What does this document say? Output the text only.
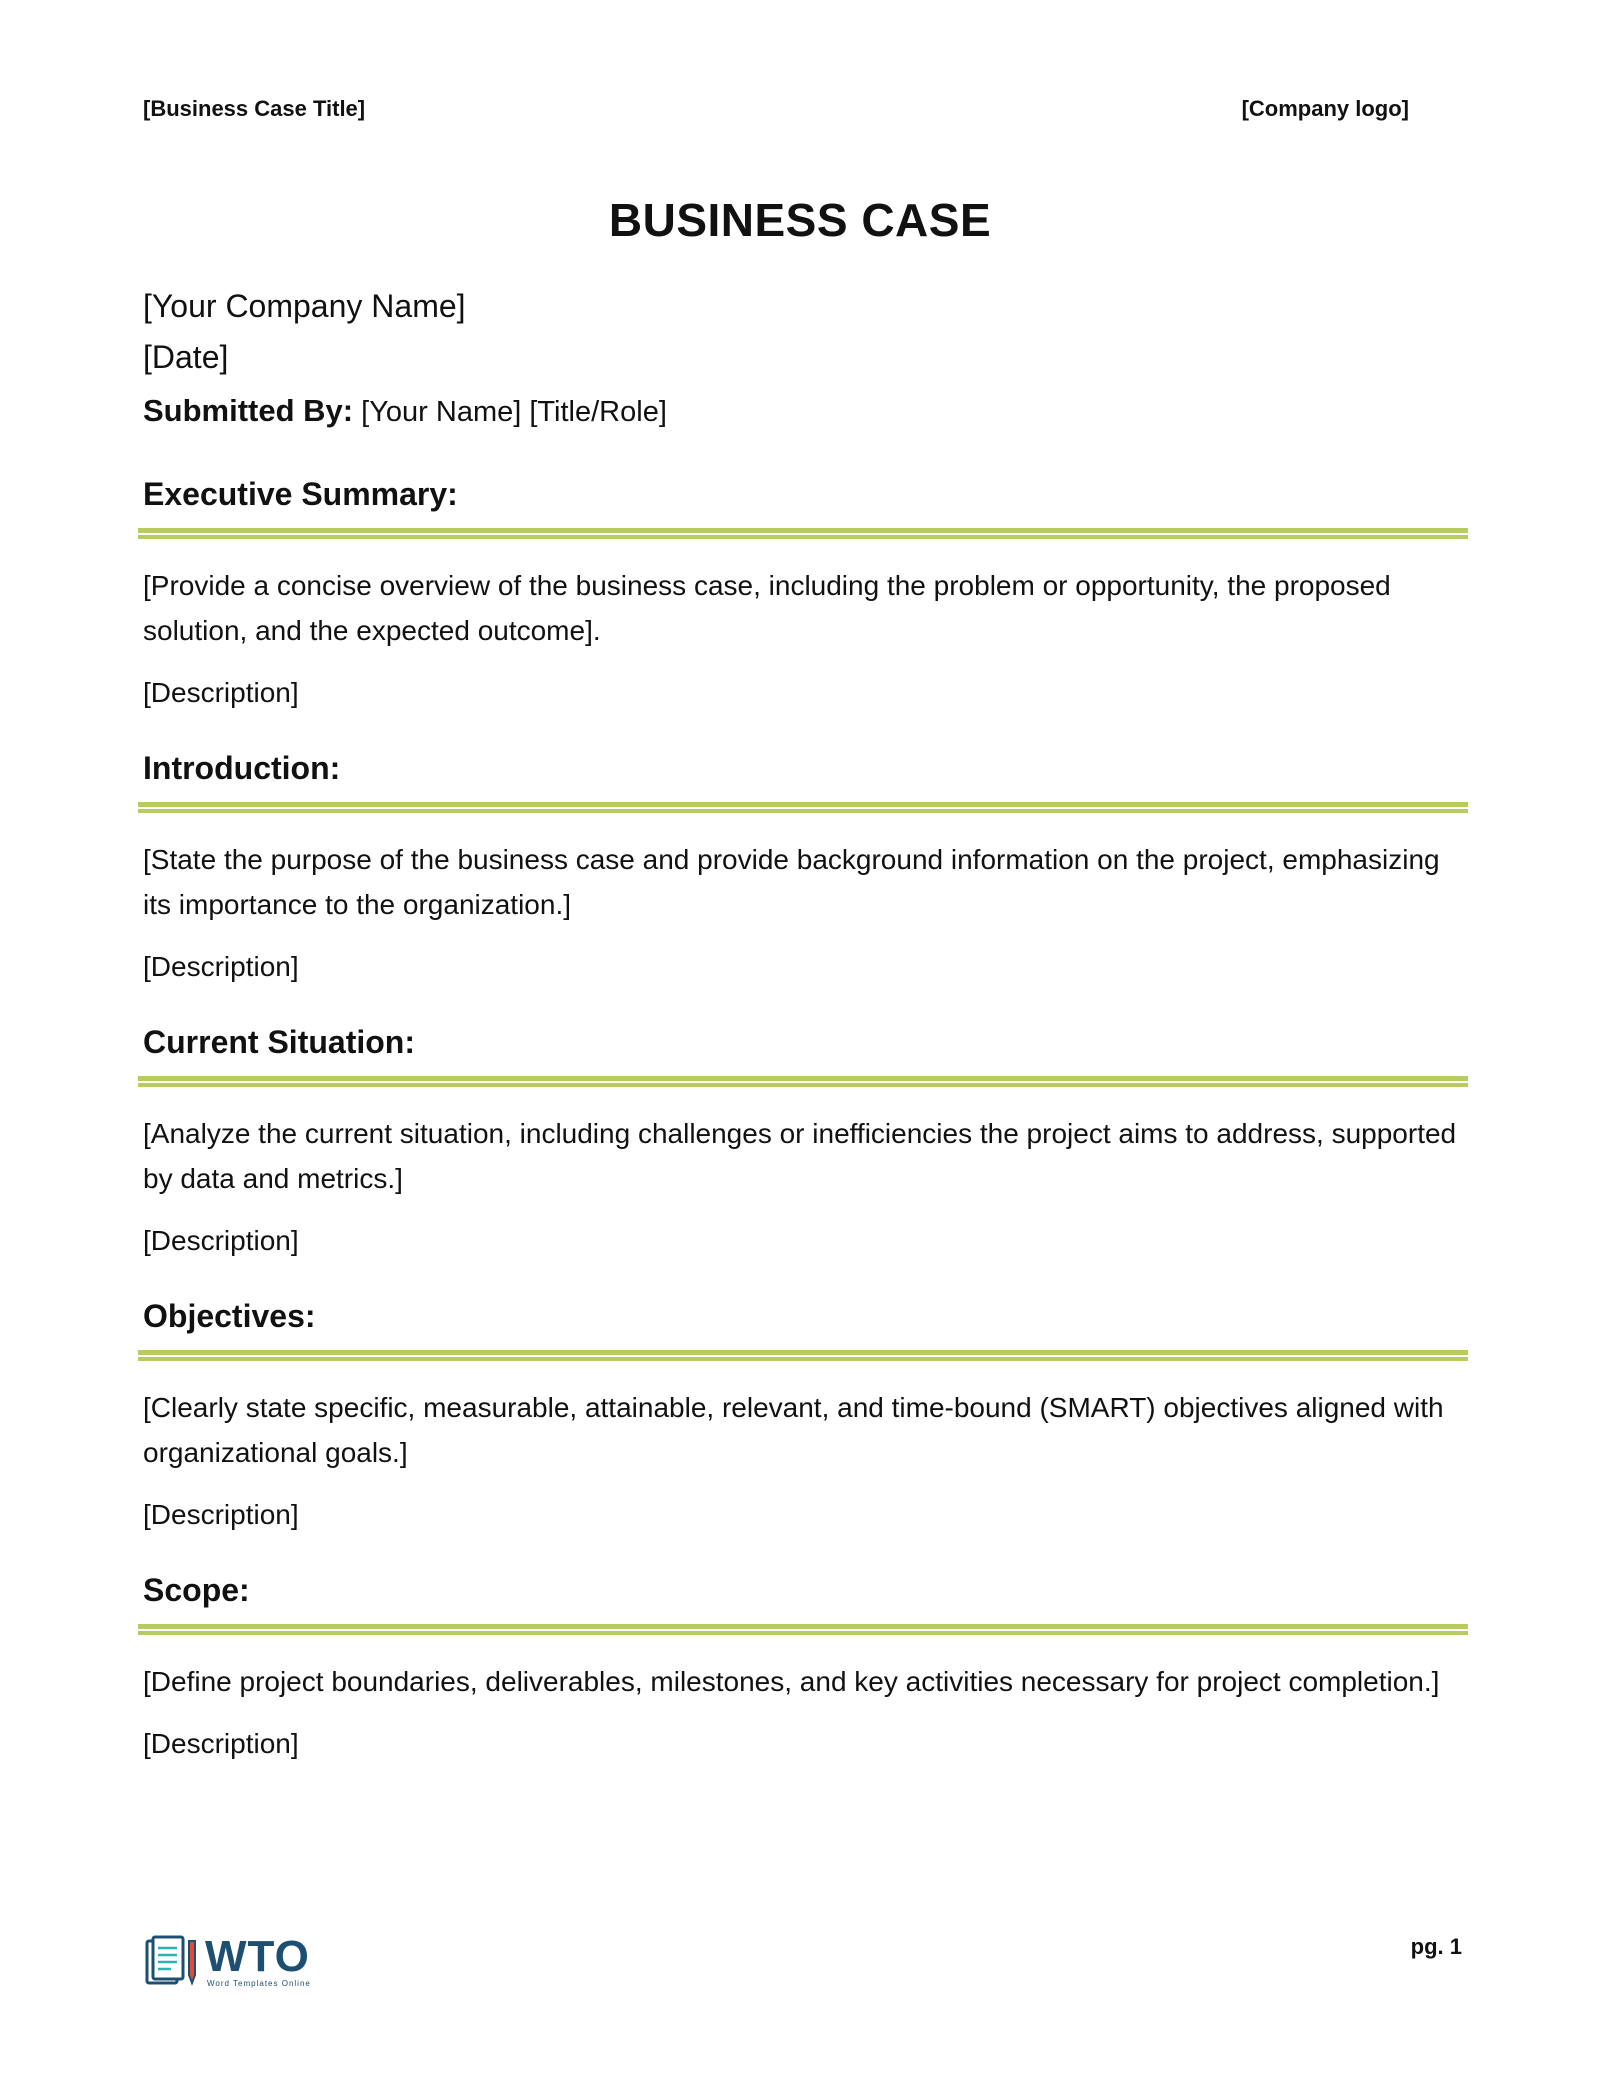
[Business Case Title]	[Company logo]
BUSINESS CASE
[Your Company Name]
[Date]
Submitted By: [Your Name] [Title/Role]
Executive Summary:
[Provide a concise overview of the business case, including the problem or opportunity, the proposed solution, and the expected outcome].
[Description]
Introduction:
[State the purpose of the business case and provide background information on the project, emphasizing its importance to the organization.]
[Description]
Current Situation:
[Analyze the current situation, including challenges or inefficiencies the project aims to address, supported by data and metrics.]
[Description]
Objectives:
[Clearly state specific, measurable, attainable, relevant, and time-bound (SMART) objectives aligned with organizational goals.]
[Description]
Scope:
[Define project boundaries, deliverables, milestones, and key activities necessary for project completion.]
[Description]
WTO
Word Templates Online
pg. 1
